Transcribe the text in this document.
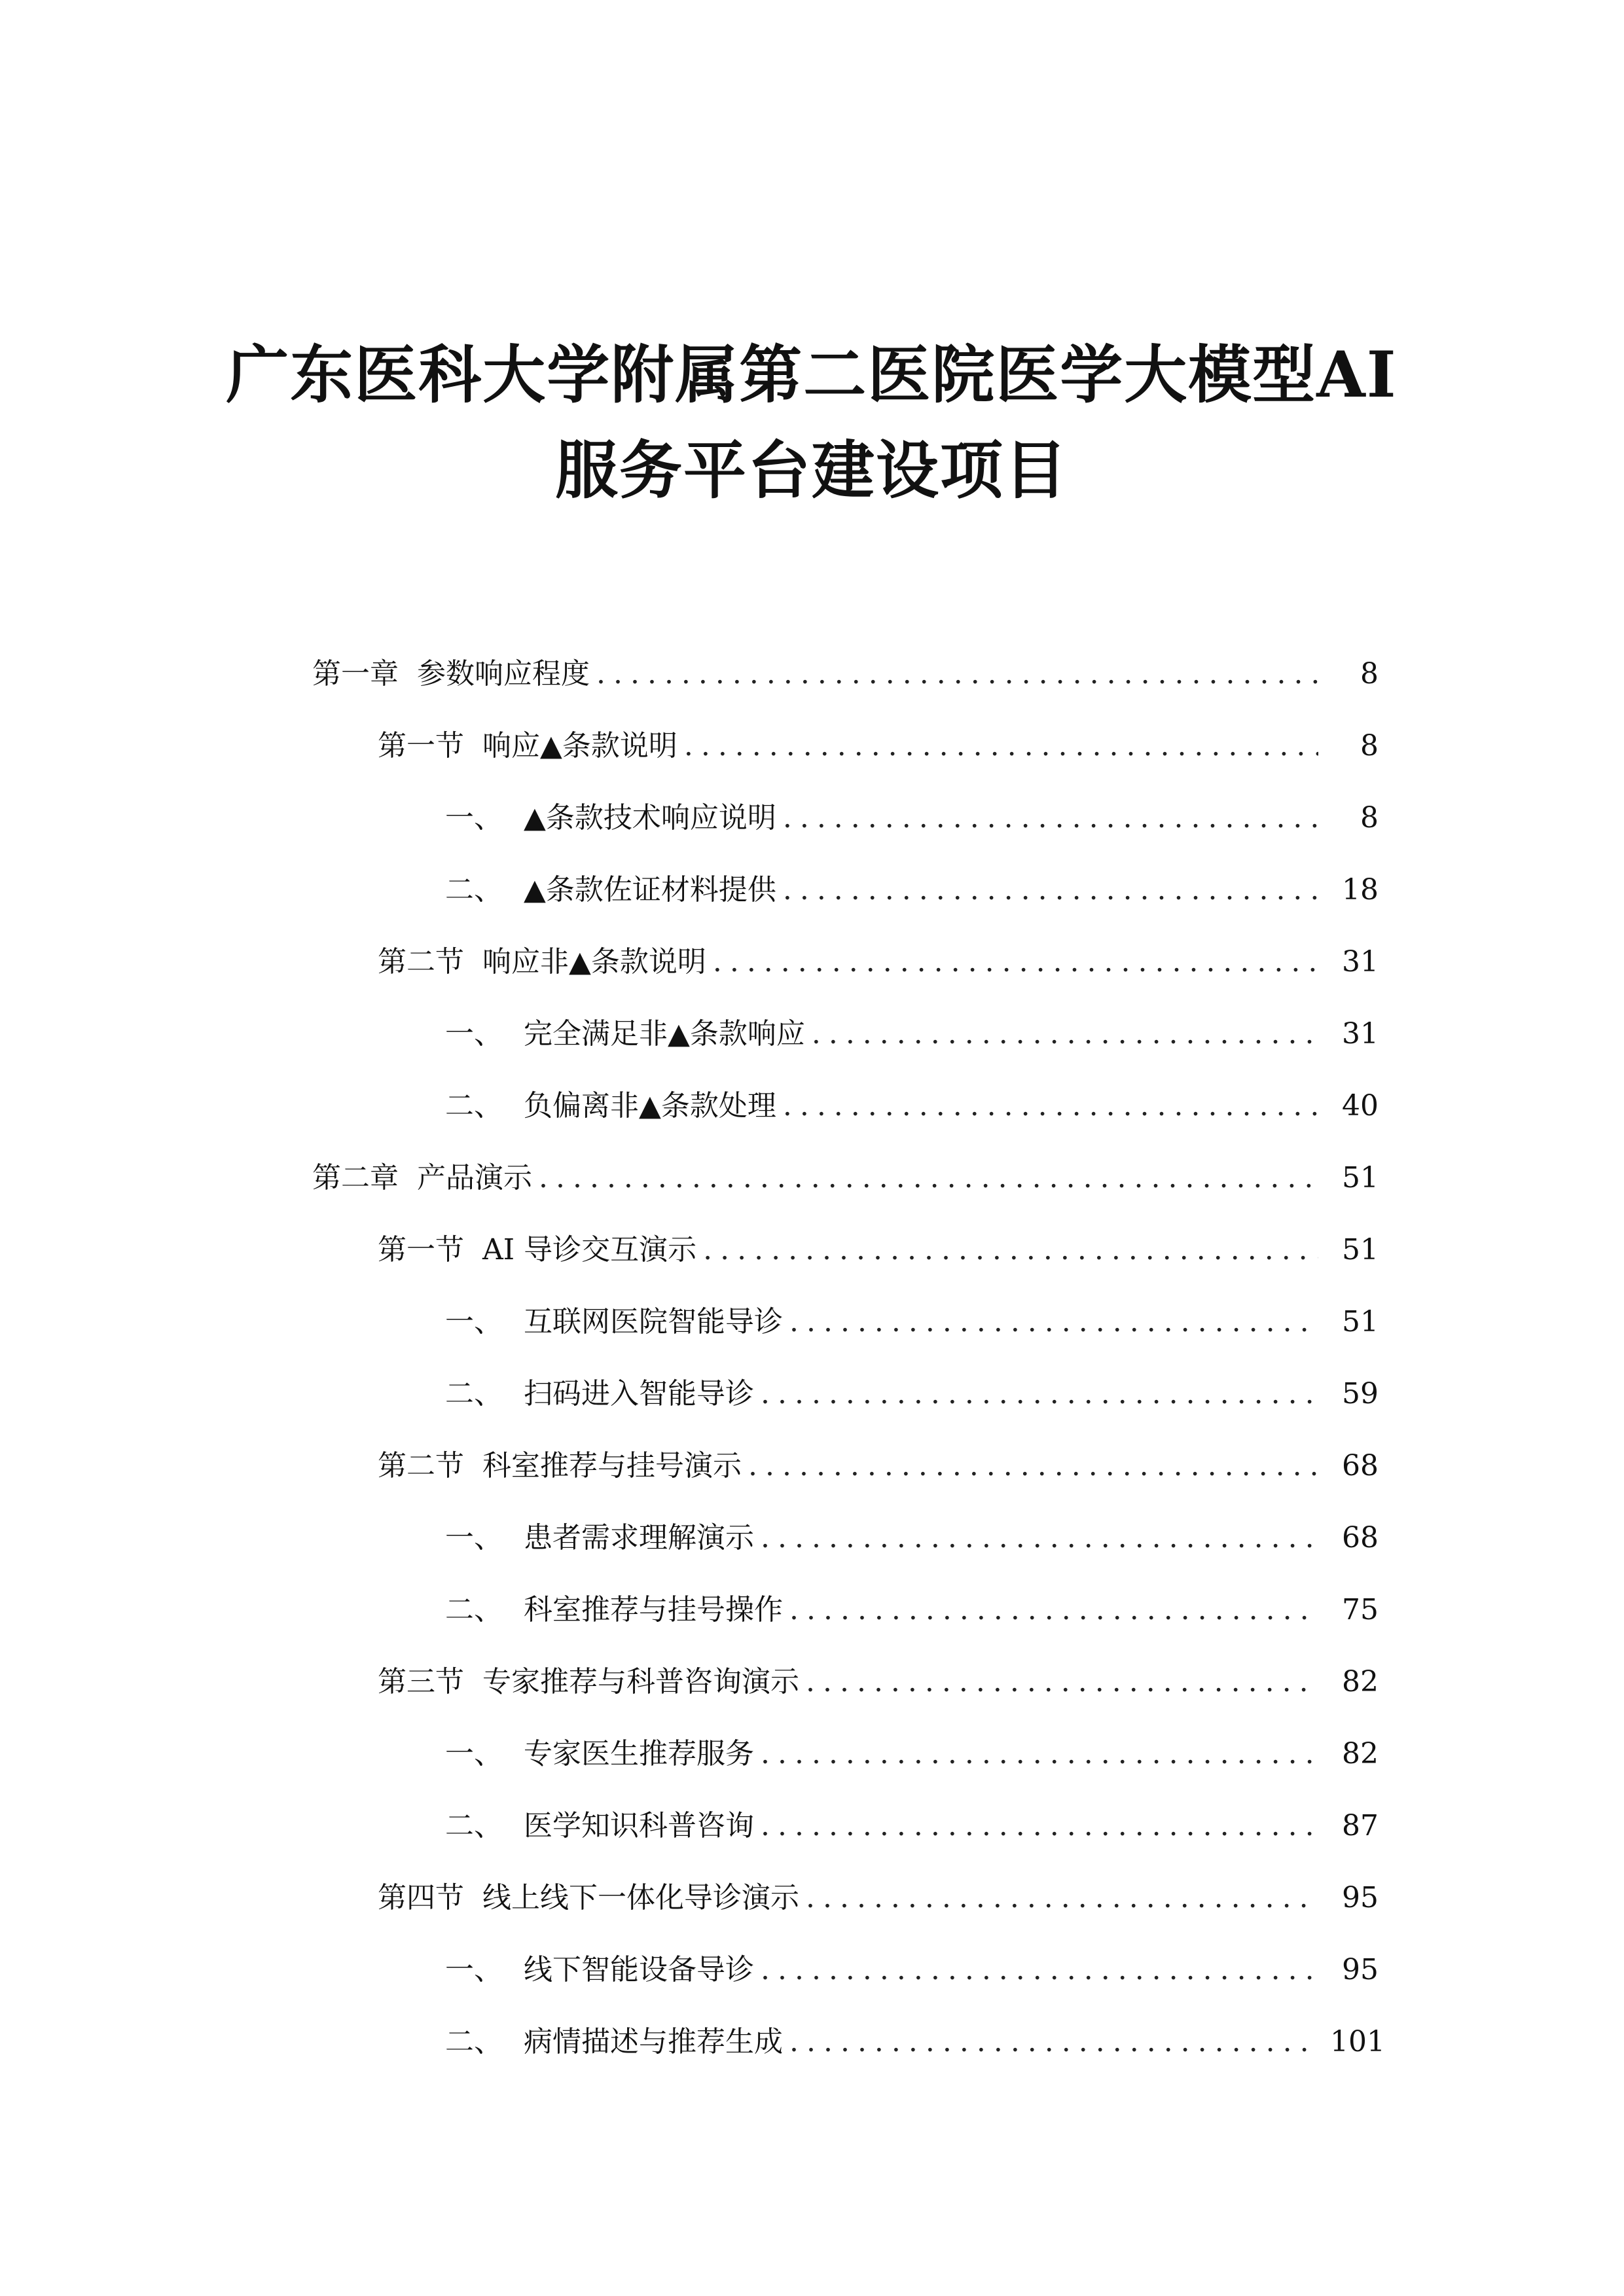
广东医科大学附属第二医院医学大模型AI
服务平台建设项目
第一章 参数响应程度 .....	8
第一节 响应▲条款说明 .....	8
一、 ▲条款技术响应说明 .....	8
二、 ▲条款佐证材料提供 .....	18
第二节 响应非▲条款说明 .....	31
一、 完全满足非▲条款响应 .....	31
二、 负偏离非▲条款处理 .....	40
第二章 产品演示 .....	51
第一节 AI 导诊交互演示 .....	51
一、 互联网医院智能导诊 .....	51
二、 扫码进入智能导诊 .....	59
第二节 科室推荐与挂号演示 .....	68
一、 患者需求理解演示 .....	68
二、 科室推荐与挂号操作 .....	75
第三节 专家推荐与科普咨询演示 .....	82
一、 专家医生推荐服务 .....	82
二、 医学知识科普咨询 .....	87
第四节 线上线下一体化导诊演示 .....	95
一、 线下智能设备导诊 .....	95
二、 病情描述与推荐生成 .....	101
